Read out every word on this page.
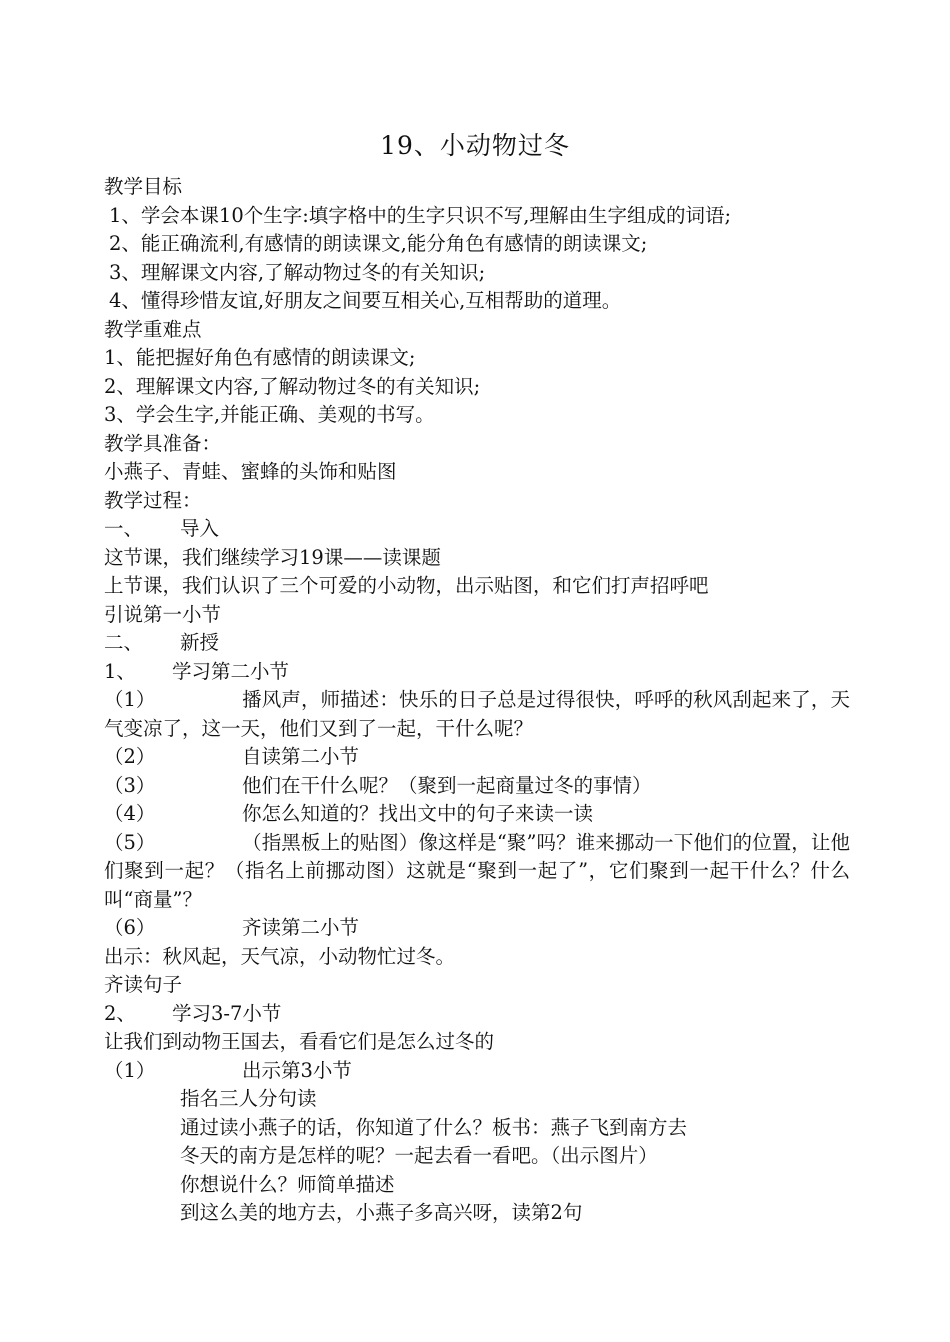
19、小动物过冬
教学目标
1、学会本课10个生字:填字格中的生字只识不写,理解由生字组成的词语;
2、能正确流利,有感情的朗读课文,能分角色有感情的朗读课文;
3、理解课文内容,了解动物过冬的有关知识;
4、懂得珍惜友谊,好朋友之间要互相关心,互相帮助的道理。
教学重难点
1、能把握好角色有感情的朗读课文;
2、理解课文内容,了解动物过冬的有关知识;
3、学会生字,并能正确、美观的书写。
教学具准备：
小燕子、青蛙、蜜蜂的头饰和贴图
教学过程：
一、 导入
这节课，我们继续学习19课——读课题
上节课，我们认识了三个可爱的小动物，出示贴图，和它们打声招呼吧
引说第一小节
二、 新授
1、 学习第二小节
（1）	播风声，师描述：快乐的日子总是过得很快，呼呼的秋风刮起来了，天气变凉了，这一天，他们又到了一起，干什么呢？
（2）	自读第二小节
（3）	他们在干什么呢？（聚到一起商量过冬的事情）
（4）	你怎么知道的？找出文中的句子来读一读
（5）	（指黑板上的贴图）像这样是“聚”吗？谁来挪动一下他们的位置，让他们聚到一起？（指名上前挪动图）这就是“聚到一起了”，它们聚到一起干什么？什么叫“商量”？
（6）	齐读第二小节
出示：秋风起，天气凉，小动物忙过冬。
齐读句子
2、 学习3-7小节
让我们到动物王国去，看看它们是怎么过冬的
（1）	出示第3小节
指名三人分句读
通过读小燕子的话，你知道了什么？板书：燕子飞到南方去
冬天的南方是怎样的呢？一起去看一看吧。（出示图片）
你想说什么？师简单描述
到这么美的地方去，小燕子多高兴呀，读第2句
